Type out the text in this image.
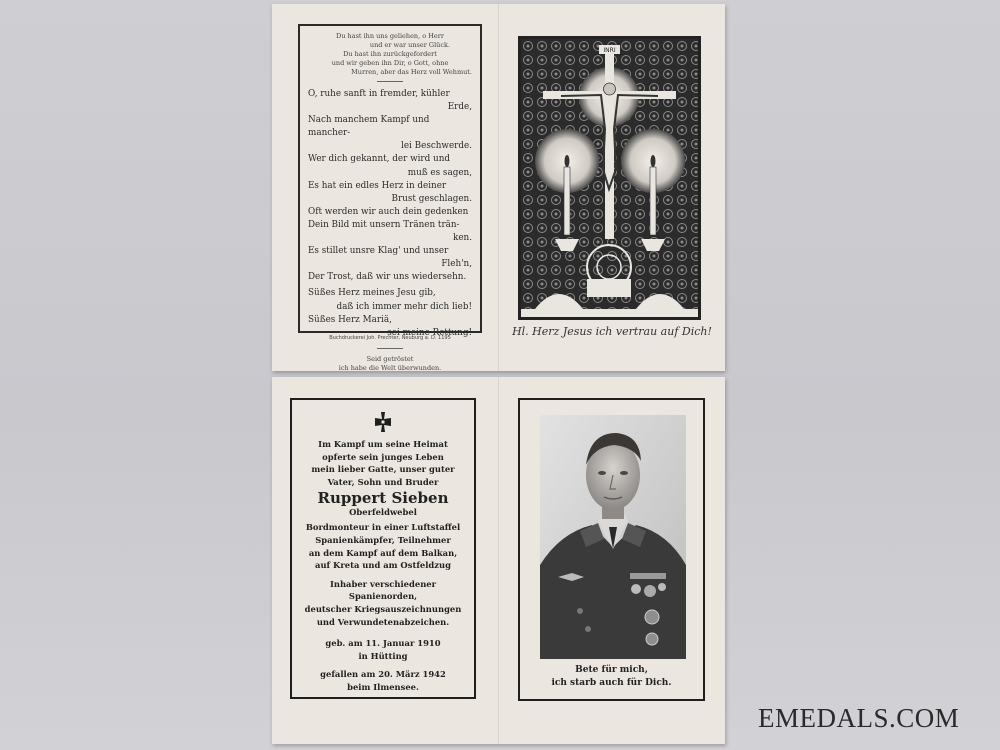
Du hast ihn uns geliehen, o Herr
und er war unser Glück.
Du hast ihn zurückgefordert
und wir geben ihn Dir, o Gott, ohne
Murren, aber das Herz voll Wehmut.
O, ruhe sanft in fremder, kühler
Erde,
Nach manchem Kampf und mancher-
lei Beschwerde.
Wer dich gekannt, der wird und
muß es sagen,
Es hat ein edles Herz in deiner
Brust geschlagen.
Oft werden wir auch dein gedenken
Dein Bild mit unsern Tränen trän-
ken.
Es stillet unsre Klag' und unser
Fleh'n,
Der Trost, daß wir uns wiedersehn.
Süßes Herz meines Jesu gib,
daß ich immer mehr dich lieb!
Süßes Herz Mariä,
sei meine Rettung!
Seid getröstet
ich habe die Welt überwunden.
Buchdruckerei Joh. Prechter, Neuburg a. D. 1195
INRI
Hl. Herz Jesus ich vertrau auf Dich!
Im Kampf um seine Heimat
opferte sein junges Leben
mein lieber Gatte, unser guter
Vater, Sohn und Bruder
Ruppert Sieben
Oberfeldwebel
Bordmonteur in einer Luftstaffel
Spanienkämpfer, Teilnehmer
an dem Kampf auf dem Balkan,
auf Kreta und am Ostfeldzug
Inhaber verschiedener Spanienorden,
deutscher Kriegsauszeichnungen
und Verwundetenabzeichen.
geb. am 11. Januar 1910
in Hütting
gefallen am 20. März 1942
beim Ilmensee.
Bete für mich,
ich starb auch für Dich.
EMEDALS.COM
